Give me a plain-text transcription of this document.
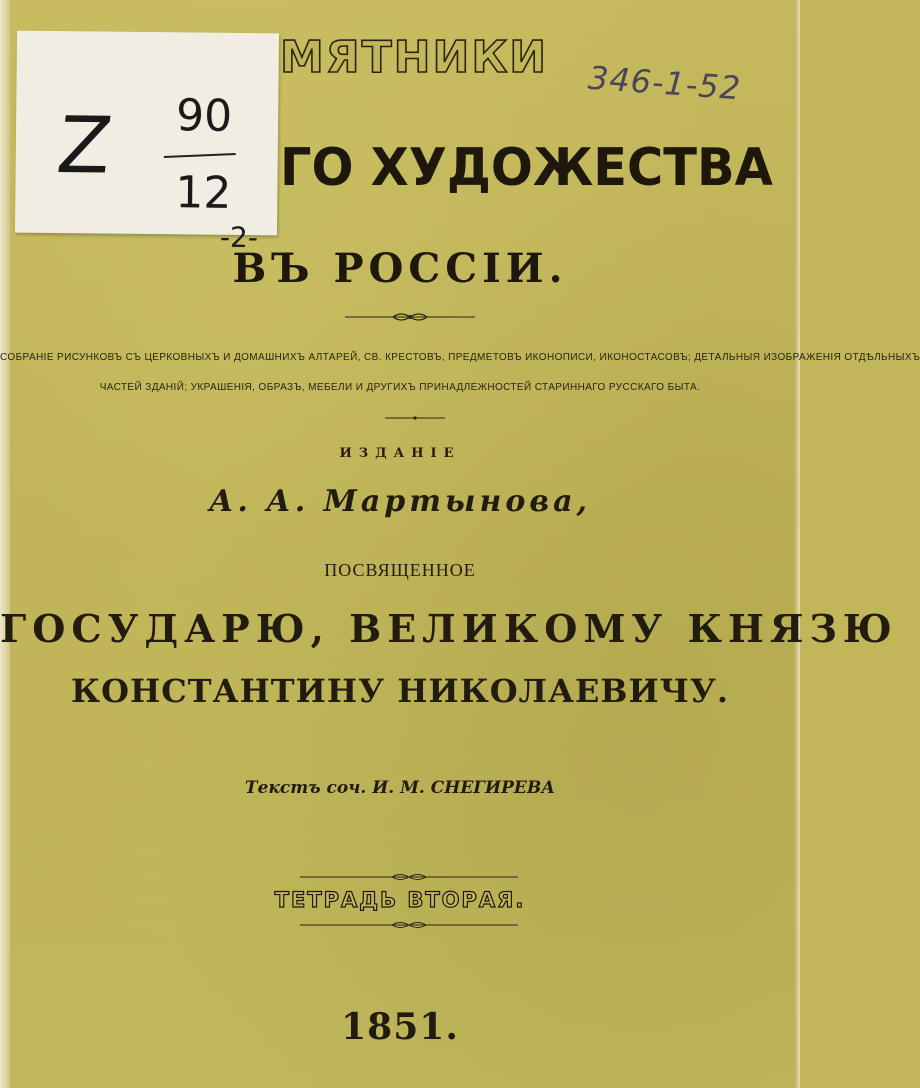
МЯТНИКИ
ГО ХУДОЖЕСТВА
ВЪ РОССІИ.
СОБРАНІЕ РИСУНКОВЪ СЪ ЦЕРКОВНЫХЪ И ДОМАШНИХЪ АЛТАРЕЙ, СВ. КРЕСТОВЪ, ПРЕДМЕТОВЪ ИКОНОПИСИ, ИКОНОСТАСОВЪ; ДЕТАЛЬНЫЯ ИЗОБРАЖЕНІЯ ОТДѢЛЬНЫХЪ
ЧАСТЕЙ ЗДАНІЙ; УКРАШЕНІЯ, ОБРАЗЪ, МЕБЕЛИ И ДРУГИХЪ ПРИНАДЛЕЖНОСТЕЙ СТАРИННАГО РУССКАГО БЫТА.
ИЗДАНІЕ
А. А. Мартынова,
ПОСВЯЩЕННОЕ
ГОСУДАРЮ, ВЕЛИКОМУ КНЯЗЮ
КОНСТАНТИНУ НИКОЛАЕВИЧУ.
Текстъ соч. И. М. СНЕГИРЕВА
ТЕТРАДЬ ВТОРАЯ.
1851.
Z 90
12
-2-
346-1-52
